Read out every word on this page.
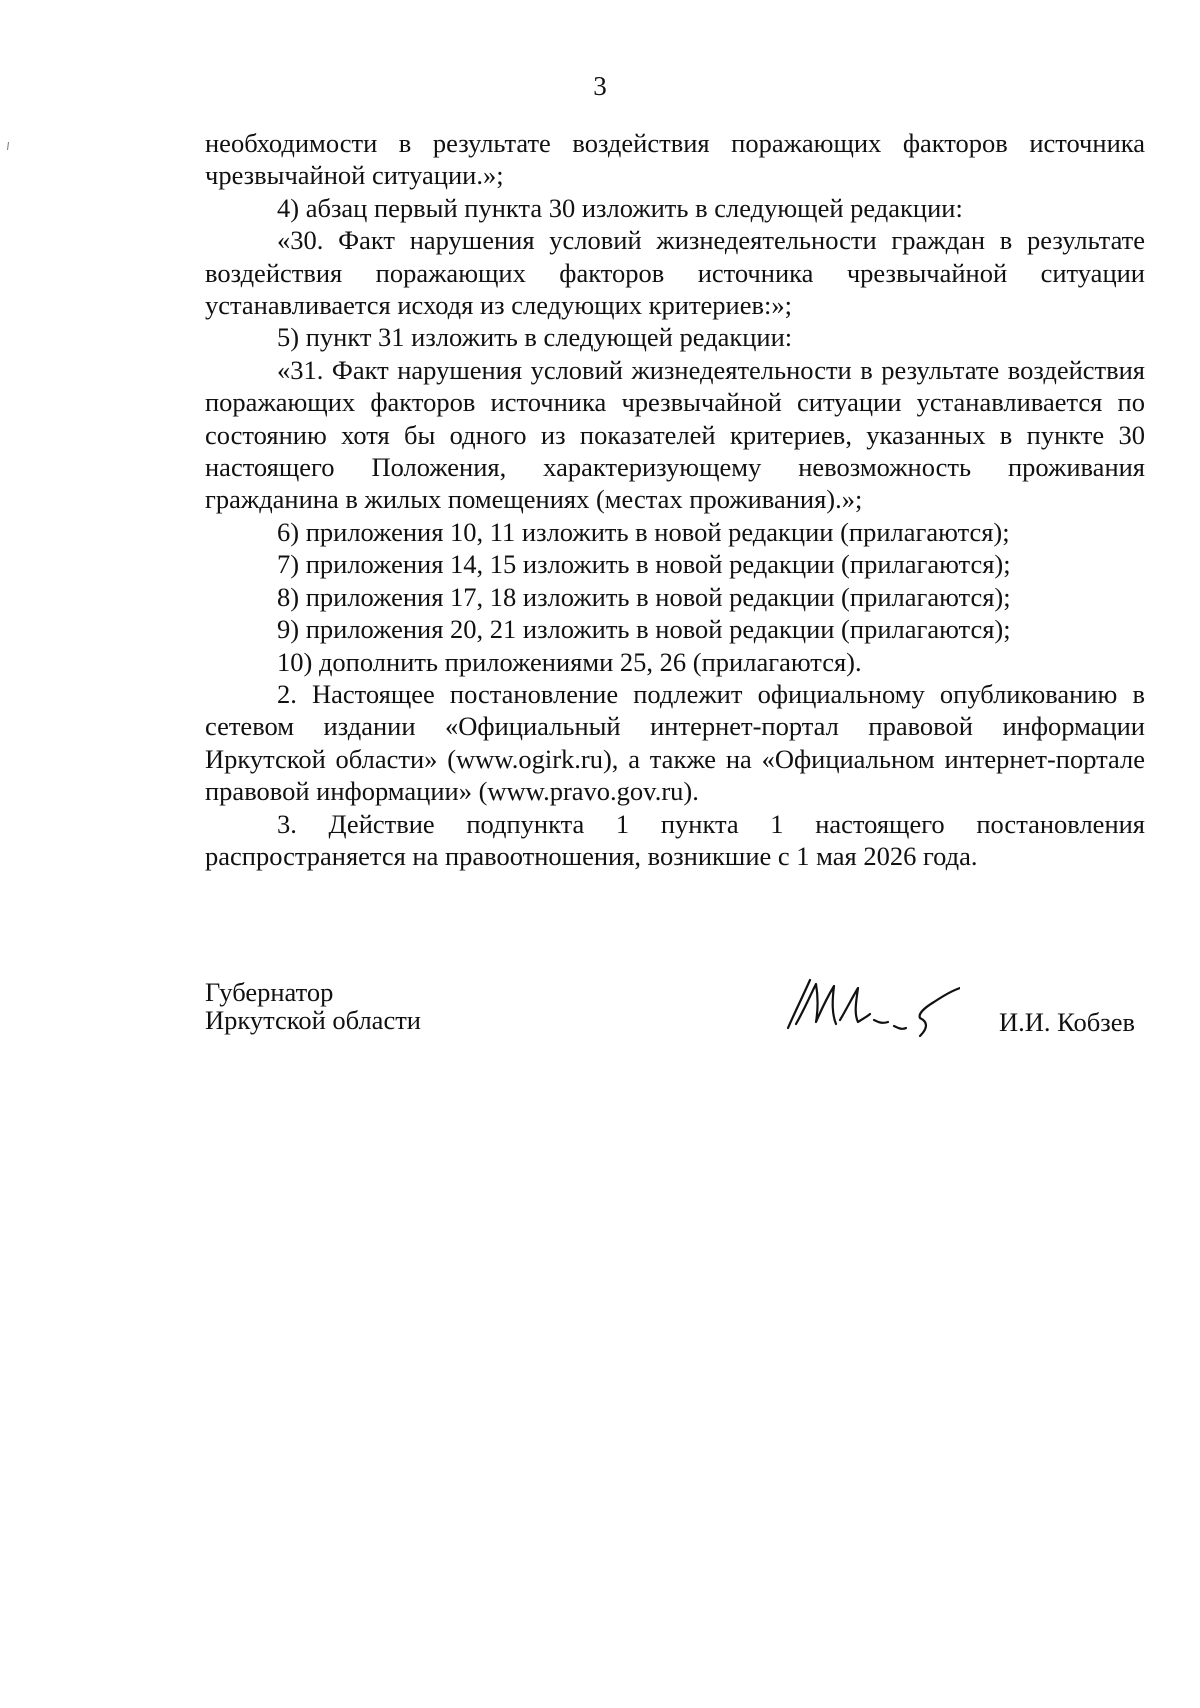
3

необходимости в результате воздействия поражающих факторов источника чрезвычайной ситуации.»;

4) абзац первый пункта 30 изложить в следующей редакции:

«30. Факт нарушения условий жизнедеятельности граждан в результате воздействия поражающих факторов источника чрезвычайной ситуации устанавливается исходя из следующих критериев:»;

5) пункт 31 изложить в следующей редакции:

«31. Факт нарушения условий жизнедеятельности в результате воздействия поражающих факторов источника чрезвычайной ситуации устанавливается по состоянию хотя бы одного из показателей критериев, указанных в пункте 30 настоящего Положения, характеризующему невозможность проживания гражданина в жилых помещениях (местах проживания).»;

6) приложения 10, 11 изложить в новой редакции (прилагаются);

7) приложения 14, 15 изложить в новой редакции (прилагаются);

8) приложения 17, 18 изложить в новой редакции (прилагаются);

9) приложения 20, 21 изложить в новой редакции (прилагаются);

10) дополнить приложениями 25, 26 (прилагаются).

2. Настоящее постановление подлежит официальному опубликованию в сетевом издании «Официальный интернет-портал правовой информации Иркутской области» (www.ogirk.ru), а также на «Официальном интернет-портале правовой информации» (www.pravo.gov.ru).

3. Действие подпункта 1 пункта 1 настоящего постановления распространяется на правоотношения, возникшие с 1 мая 2026 года.

Губернатор
Иркутской области	И.И. Кобзев
